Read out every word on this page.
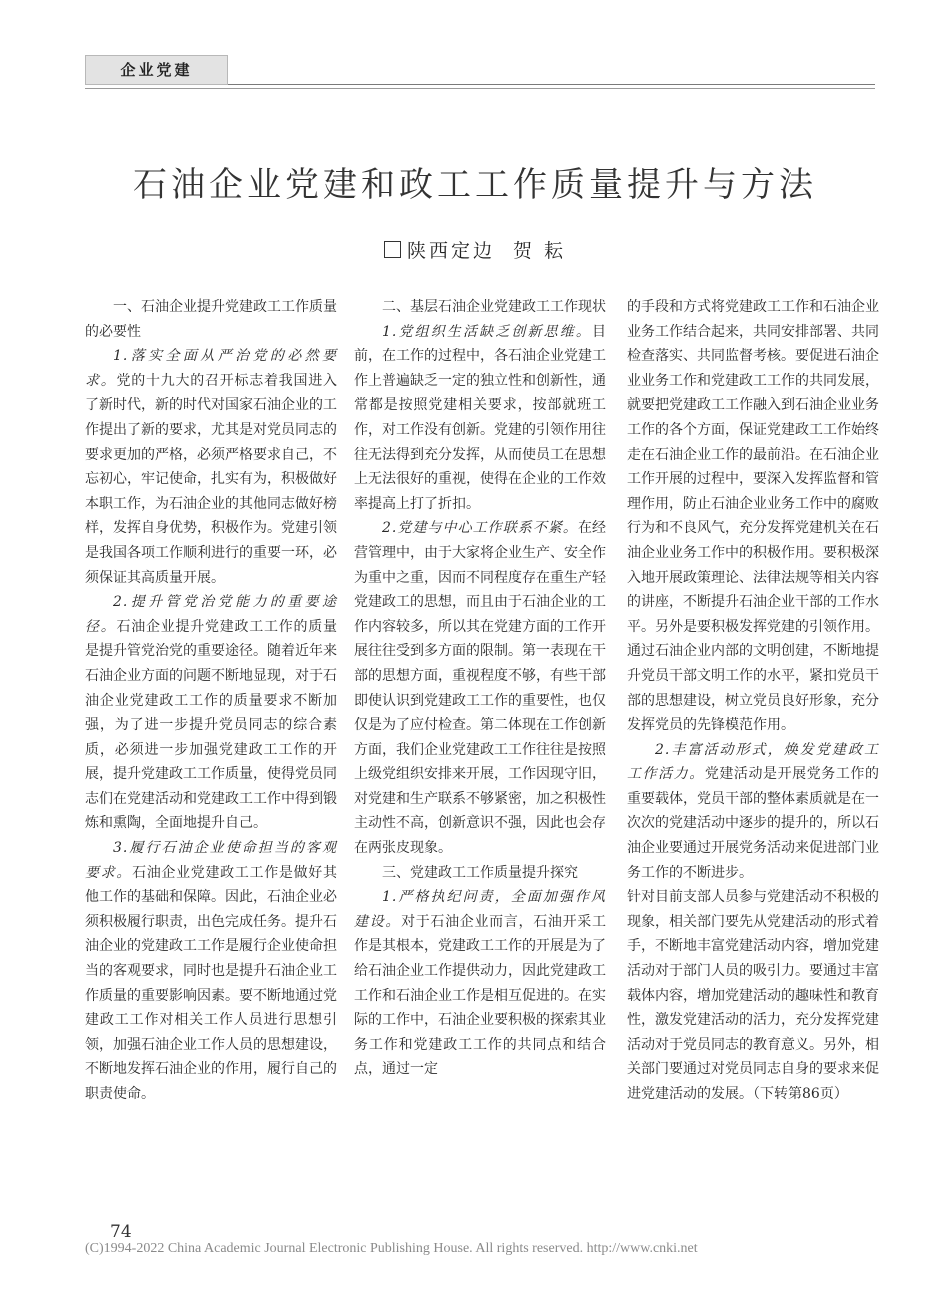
企业党建
石油企业党建和政工工作质量提升与方法
陕西定边 贺 耘
一、石油企业提升党建政工工作质量的必要性

1.落实全面从严治党的必然要求。党的十九大的召开标志着我国进入了新时代，新的时代对国家石油企业的工作提出了新的要求，尤其是对党员同志的要求更加的严格，必须严格要求自己，不忘初心，牢记使命，扎实有为，积极做好本职工作，为石油企业的其他同志做好榜样，发挥自身优势，积极作为。党建引领是我国各项工作顺利进行的重要一环，必须保证其高质量开展。

2.提升管党治党能力的重要途径。石油企业提升党建政工工作的质量是提升管党治党的重要途径。随着近年来石油企业方面的问题不断地显现，对于石油企业党建政工工作的质量要求不断加强，为了进一步提升党员同志的综合素质，必须进一步加强党建政工工作的开展，提升党建政工工作质量，使得党员同志们在党建活动和党建政工工作中得到锻炼和熏陶，全面地提升自己。

3.履行石油企业使命担当的客观要求。石油企业党建政工工作是做好其他工作的基础和保障。因此，石油企业必须积极履行职责，出色完成任务。提升石油企业的党建政工工作是履行企业使命担当的客观要求，同时也是提升石油企业工作质量的重要影响因素。要不断地通过党建政工工作对相关工作人员进行思想引领，加强石油企业工作人员的思想建设，不断地发挥石油企业的作用，履行自己的职责使命。

二、基层石油企业党建政工工作现状

1.党组织生活缺乏创新思维。目前，在工作的过程中，各石油企业党建工作上普遍缺乏一定的独立性和创新性，通常都是按照党建相关要求，按部就班工作，对工作没有创新。党建的引领作用往往无法得到充分发挥，从而使员工在思想上无法很好的重视，使得在企业的工作效率提高上打了折扣。

2.党建与中心工作联系不紧。在经营管理中，由于大家将企业生产、安全作为重中之重，因而不同程度存在重生产轻党建政工的思想，而且由于石油企业的工作内容较多，所以其在党建方面的工作开展往往受到多方面的限制。第一表现在干部的思想方面，重视程度不够，有些干部即使认识到党建政工工作的重要性，也仅仅是为了应付检查。第二体现在工作创新方面，我们企业党建政工工作往往是按照上级党组织安排来开展，工作因现守旧，对党建和生产联系不够紧密，加之积极性主动性不高，创新意识不强，因此也会存在两张皮现象。

三、党建政工工作质量提升探究

1.严格执纪问责，全面加强作风建设。对于石油企业而言，石油开采工作是其根本，党建政工工作的开展是为了给石油企业工作提供动力，因此党建政工工作和石油企业工作是相互促进的。在实际的工作中，石油企业要积极的探索其业务工作和党建政工工作的共同点和结合点，通过一定

的手段和方式将党建政工工作和石油企业业务工作结合起来，共同安排部署、共同检查落实、共同监督考核。要促进石油企业业务工作和党建政工工作的共同发展，就要把党建政工工作融入到石油企业业务工作的各个方面，保证党建政工工作始终走在石油企业工作的最前沿。在石油企业工作开展的过程中，要深入发挥监督和管理作用，防止石油企业业务工作中的腐败行为和不良风气，充分发挥党建机关在石油企业业务工作中的积极作用。要积极深入地开展政策理论、法律法规等相关内容的讲座，不断提升石油企业干部的工作水平。另外是要积极发挥党建的引领作用。通过石油企业内部的文明创建，不断地提升党员干部文明工作的水平，紧扣党员干部的思想建设，树立党员良好形象，充分发挥党员的先锋模范作用。

2.丰富活动形式，焕发党建政工工作活力。党建活动是开展党务工作的重要载体，党员干部的整体素质就是在一次次的党建活动中逐步的提升的，所以石油企业要通过开展党务活动来促进部门业务工作的不断进步。

针对目前支部人员参与党建活动不积极的现象，相关部门要先从党建活动的形式着手，不断地丰富党建活动内容，增加党建活动对于部门人员的吸引力。要通过丰富载体内容，增加党建活动的趣味性和教育性，激发党建活动的活力，充分发挥党建活动对于党员同志的教育意义。另外，相关部门要通过对党员同志自身的要求来促进党建活动的发展。（下转第86页）

74
(C)1994-2022 China Academic Journal Electronic Publishing House. All rights reserved. http://www.cnki.net
